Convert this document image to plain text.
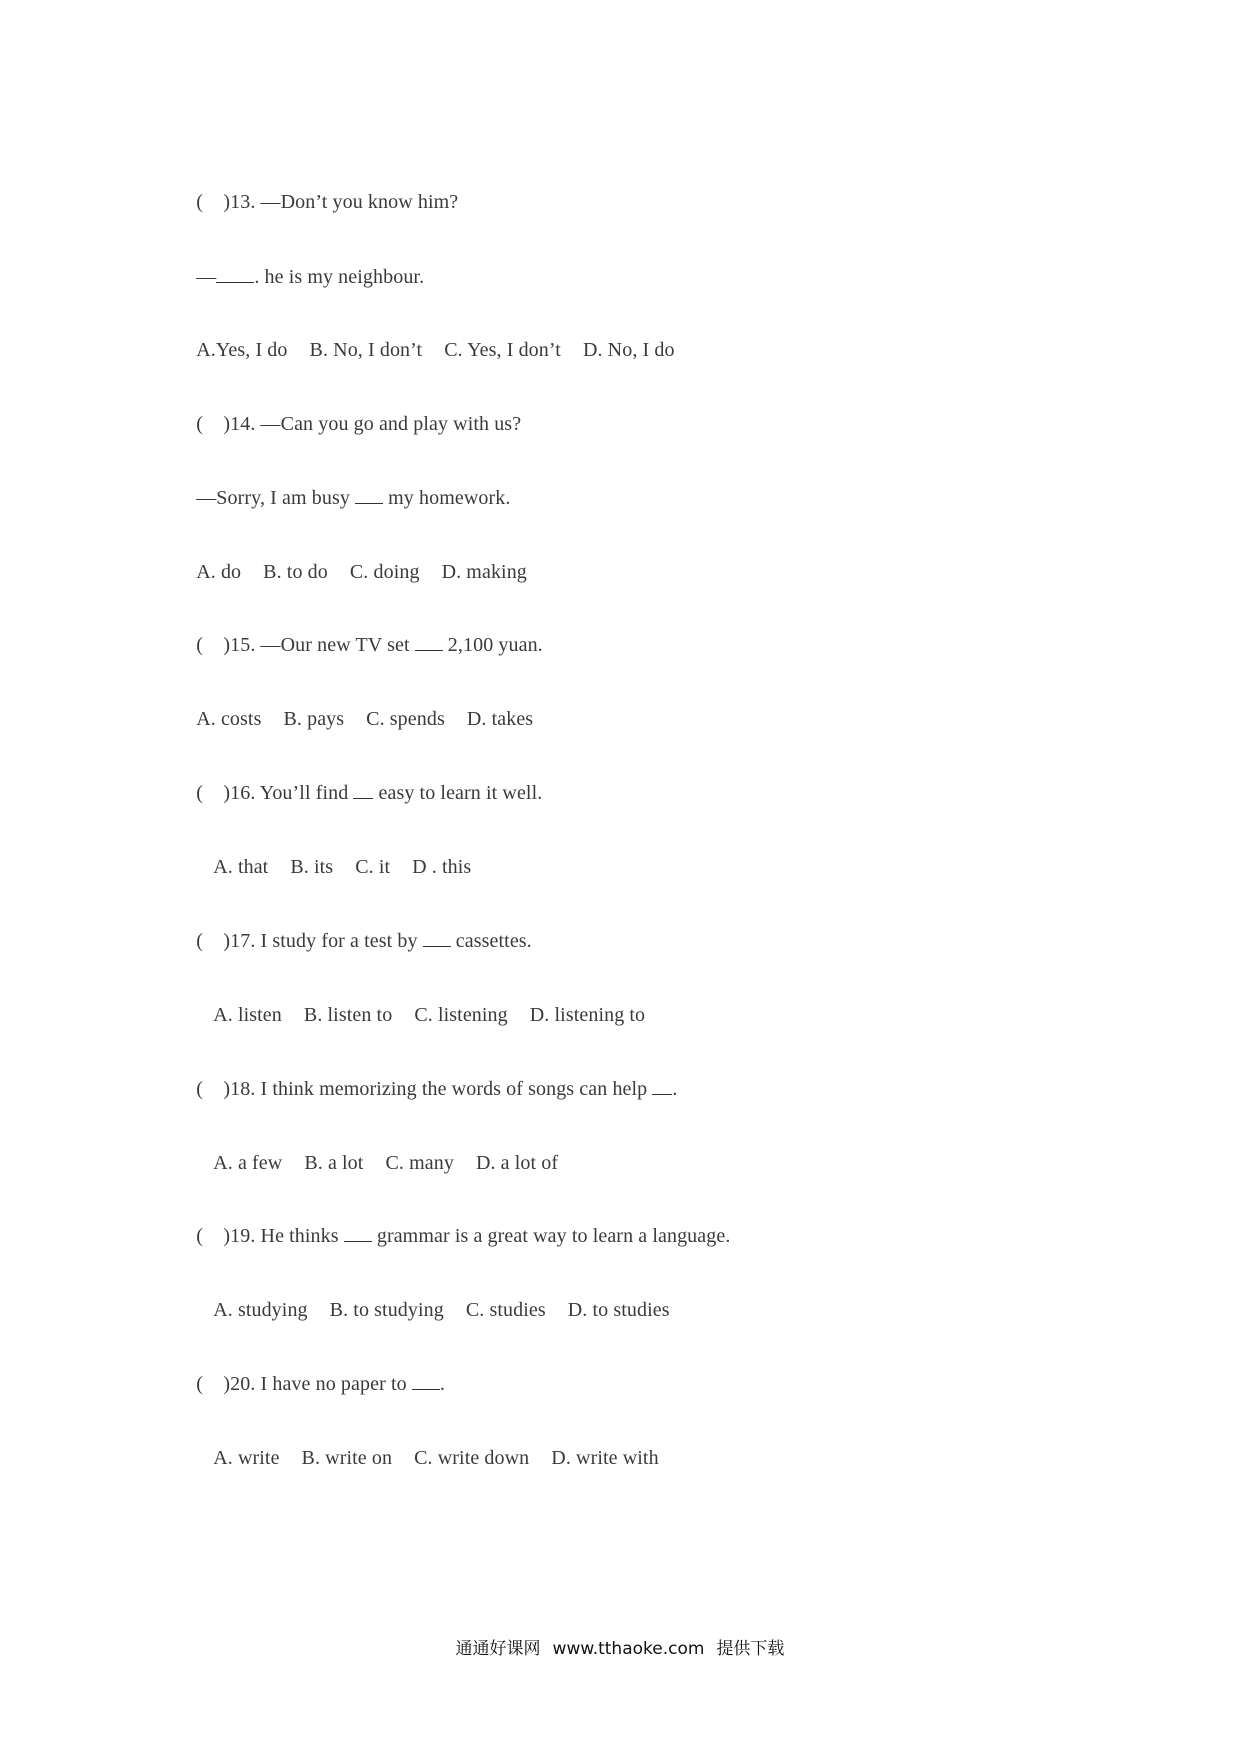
(    )13. —Don’t you know him?

— . he is my neighbour.

A.Yes, I do B. No, I don’t C. Yes, I don’t D. No, I do

(    )14. —Can you go and play with us?

—Sorry, I am busy  my homework.

A. do B. to do C. doing D. making

(    )15. —Our new TV set  2,100 yuan.

A. costs B. pays C. spends D. takes

(    )16. You’ll find  easy to learn it well.

A. that B. its C. it D . this

(    )17. I study for a test by  cassettes.

A. listen B. listen to C. listening D. listening to

(    )18. I think memorizing the words of songs can help .

A. a few B. a lot C. many D. a lot of

(    )19. He thinks  grammar is a great way to learn a language.

A. studying B. to studying C. studies D. to studies

(    )20. I have no paper to .

A. write B. write on C. write down D. write with

通通好课网 www.tthaoke.com 提供下载
